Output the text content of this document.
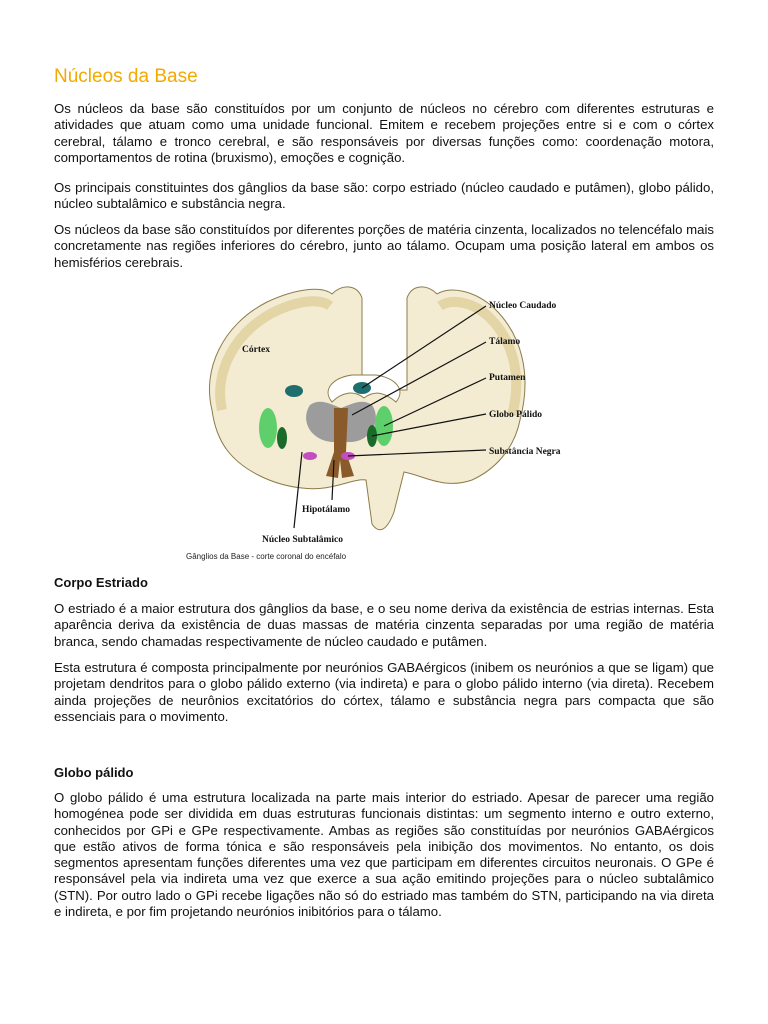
Núcleos da Base

Os núcleos da base são constituídos por um conjunto de núcleos no cérebro com diferentes estruturas e atividades que atuam como uma unidade funcional. Emitem e recebem projeções entre si e com o córtex cerebral, tálamo e tronco cerebral, e são responsáveis por diversas funções como: coordenação motora, comportamentos de rotina (bruxismo), emoções e cognição.

Os principais constituintes dos gânglios da base são: corpo estriado (núcleo caudado e putâmen), globo pálido, núcleo subtalâmico e substância negra.

Os núcleos da base são constituídos por diferentes porções de matéria cinzenta, localizados no telencéfalo mais concretamente nas regiões inferiores do cérebro, junto ao tálamo. Ocupam uma posição lateral em ambos os hemisférios cerebrais.

Córtex
Núcleo Caudado
Tálamo
Putamen
Globo Pálido
Substância Negra
Hipotálamo
Núcleo Subtalâmico
Gânglios da Base - corte coronal do encéfalo
Corpo Estriado

O estriado é a maior estrutura dos gânglios da base, e o seu nome deriva da existência de estrias internas. Esta aparência deriva da existência de duas massas de matéria cinzenta separadas por uma região de matéria branca, sendo chamadas respectivamente de núcleo caudado e putâmen.

Esta estrutura é composta principalmente por neurónios GABAérgicos (inibem os neurónios a que se ligam) que projetam dendritos para o globo pálido externo (via indireta) e para o globo pálido interno (via direta). Recebem ainda projeções de neurônios excitatórios do córtex, tálamo e substância negra pars compacta que são essenciais para o movimento.

Globo pálido

O globo pálido é uma estrutura localizada na parte mais interior do estriado. Apesar de parecer uma região homogénea pode ser dividida em duas estruturas funcionais distintas: um segmento interno e outro externo, conhecidos por GPi e GPe respectivamente. Ambas as regiões são constituídas por neurónios GABAérgicos que estão ativos de forma tónica e são responsáveis pela inibição dos movimentos. No entanto, os dois segmentos apresentam funções diferentes uma vez que participam em diferentes circuitos neuronais. O GPe é responsável pela via indireta uma vez que exerce a sua ação emitindo projeções para o núcleo subtalâmico (STN). Por outro lado o GPi recebe ligações não só do estriado mas também do STN, participando na via direta e indireta, e por fim projetando neurónios inibitórios para o tálamo.
